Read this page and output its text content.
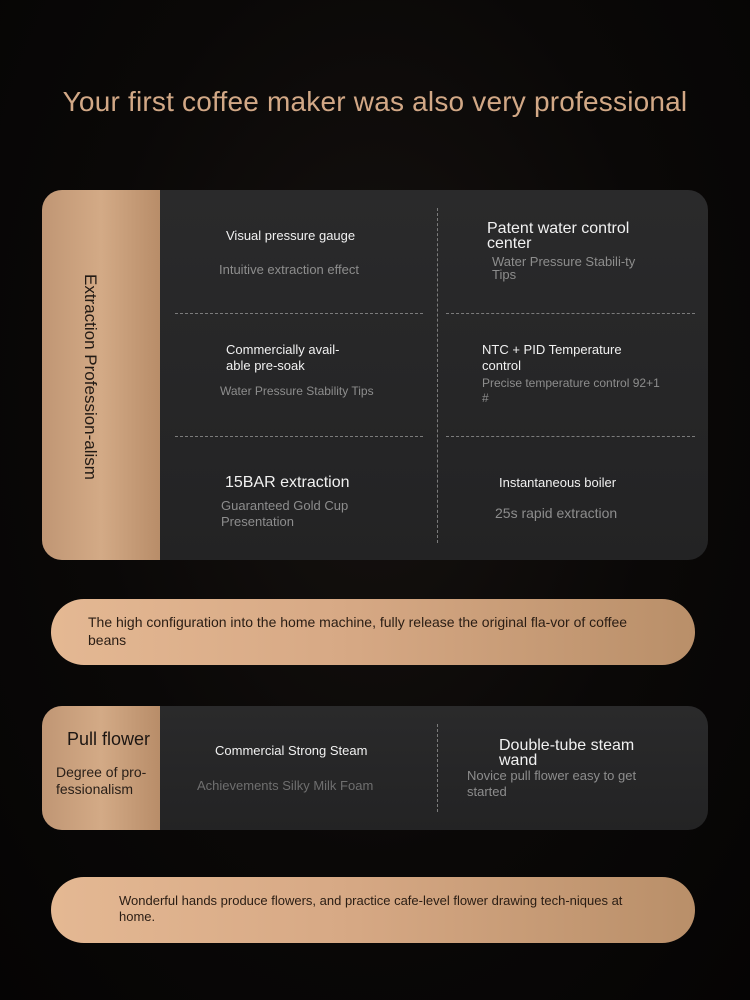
Your first coffee maker was also very professional
Extraction Profession-alism
Visual pressure gauge
Intuitive extraction effect
Patent water control center
Water Pressure Stabili-ty Tips
Commercially avail-able pre-soak
Water Pressure Stability Tips
NTC + PID Temperature control
Precise temperature control 92+1 #
15BAR extraction
Guaranteed Gold Cup Presentation
Instantaneous boiler
25s rapid extraction
The high configuration into the home machine, fully release the original fla-vor of coffee beans
Pull flower
Degree of pro-fessionalism
Commercial Strong Steam
Achievements Silky Milk Foam
Double-tube steam wand
Novice pull flower easy to get started
Wonderful hands produce flowers, and practice cafe-level flower drawing tech-niques at home.
